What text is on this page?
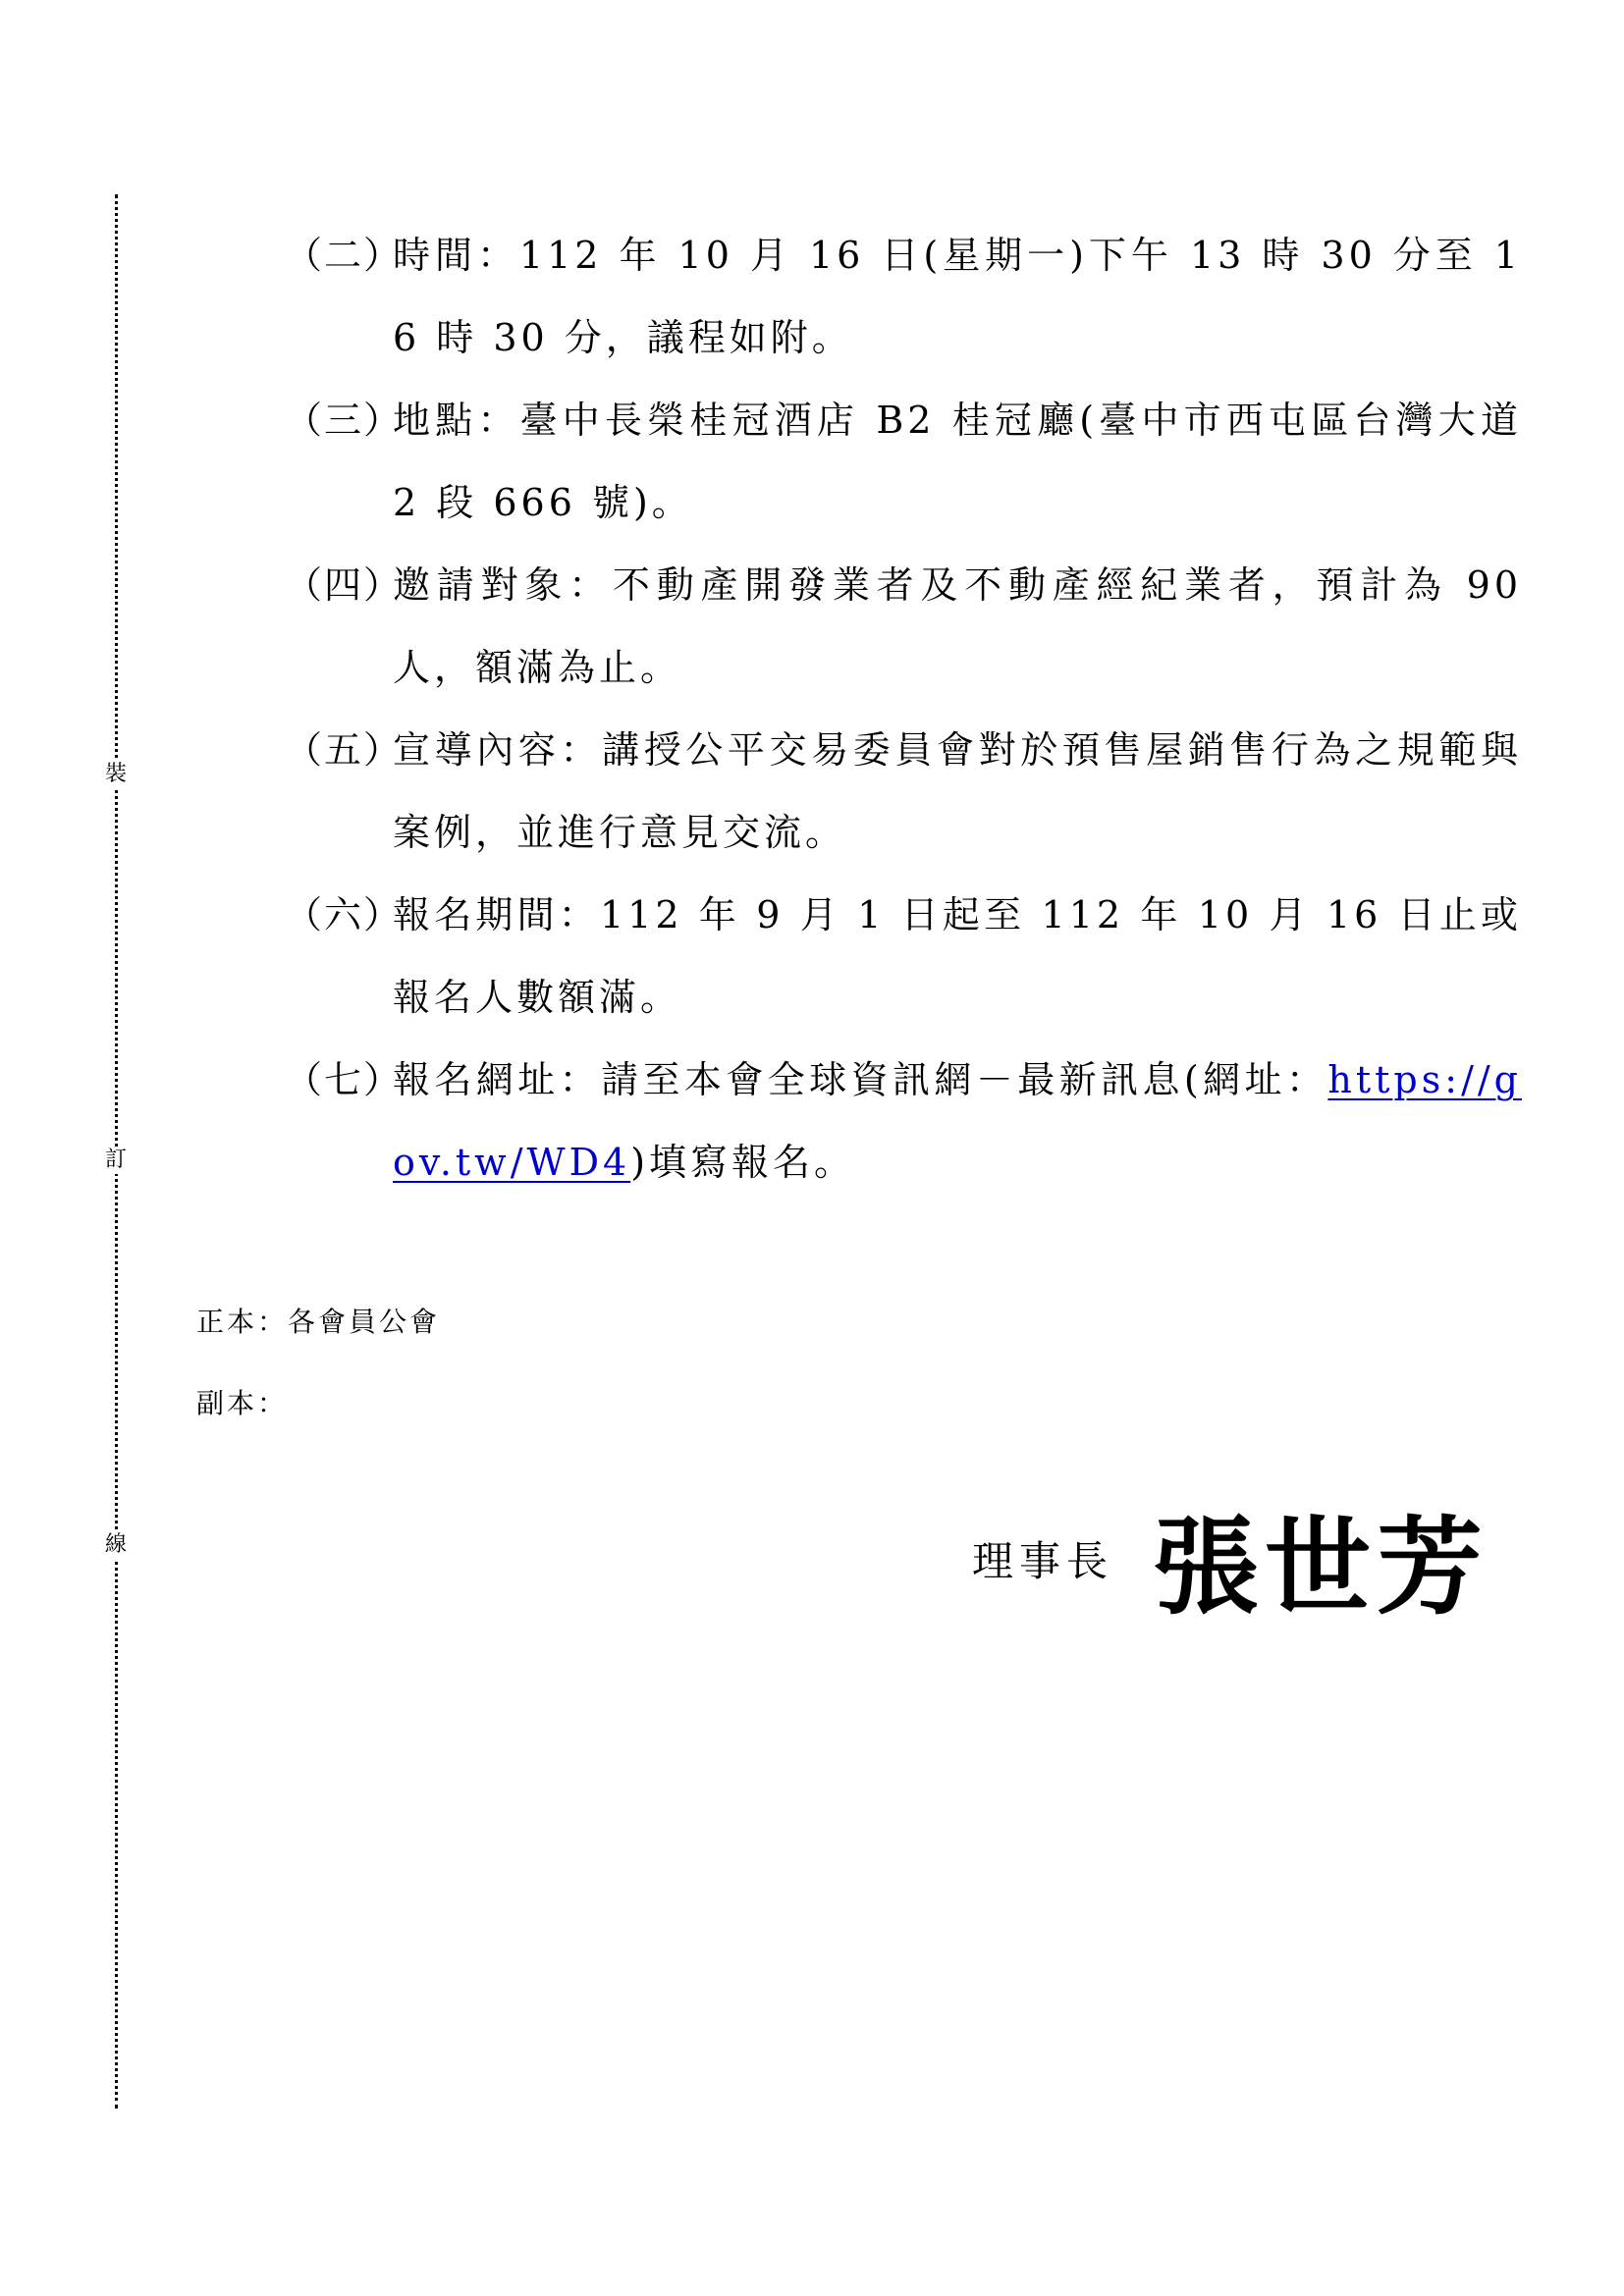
裝
訂
線
（二）
時間：112 年 10 月 16 日(星期一)下午 13 時 30 分至 16 時 30 分，議程如附。
（三）
地點：臺中長榮桂冠酒店 B2 桂冠廳(臺中市西屯區台灣大道 2 段 666 號)。
（四）
邀請對象：不動產開發業者及不動產經紀業者，預計為 90 人，額滿為止。
（五）
宣導內容：講授公平交易委員會對於預售屋銷售行為之規範與案例，並進行意見交流。
（六）
報名期間：112 年 9 月 1 日起至 112 年 10 月 16 日止或報名人數額滿。
（七）
報名網址：請至本會全球資訊網－最新訊息(網址：https://gov.tw/WD4)填寫報名。
正本：各會員公會
副本：
理事長 張世芳
